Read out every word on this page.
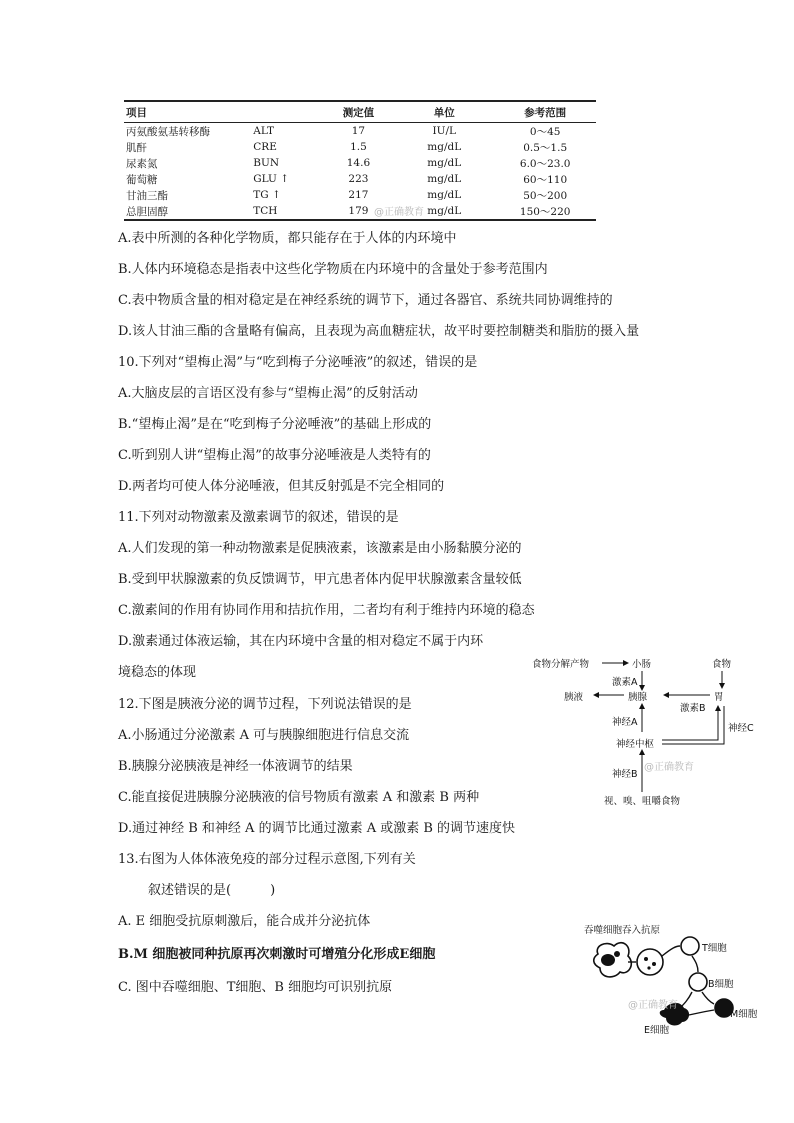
项目		测定值	单位	参考范围
丙氨酸氨基转移酶	ALT	17	IU/L	0～45
肌酐	CRE	1.5	mg/dL	0.5～1.5
尿素氮	BUN	14.6	mg/dL	6.0～23.0
葡萄糖	GLU ↑	223	mg/dL	60～110
甘油三酯	TG ↑	217	mg/dL	50～200
总胆固醇	TCH	179	mg/dL	150～220
@正确教育
A.表中所测的各种化学物质，都只能存在于人体的内环境中
B.人体内环境稳态是指表中这些化学物质在内环境中的含量处于参考范围内
C.表中物质含量的相对稳定是在神经系统的调节下，通过各器官、系统共同协调维持的
D.该人甘油三酯的含量略有偏高，且表现为高血糖症状，故平时要控制糖类和脂肪的摄入量
10.下列对“望梅止渴”与“吃到梅子分泌唾液”的叙述，错误的是
A.大脑皮层的言语区没有参与“望梅止渴”的反射活动
B.“望梅止渴”是在“吃到梅子分泌唾液”的基础上形成的
C.听到别人讲“望梅止渴”的故事分泌唾液是人类特有的
D.两者均可使人体分泌唾液，但其反射弧是不完全相同的
11.下列对动物激素及激素调节的叙述，错误的是
A.人们发现的第一种动物激素是促胰液素，该激素是由小肠黏膜分泌的
B.受到甲状腺激素的负反馈调节，甲亢患者体内促甲状腺激素含量较低
C.激素间的作用有协同作用和拮抗作用，二者均有利于维持内环境的稳态
D.激素通过体液运输，其在内环境中含量的相对稳定不属于内环
境稳态的体现
12.下图是胰液分泌的调节过程，下列说法错误的是
A.小肠通过分泌激素 A 可与胰腺细胞进行信息交流
B.胰腺分泌胰液是神经一体液调节的结果
C.能直接促进胰腺分泌胰液的信号物质有激素 A 和激素 B 两种
D.通过神经 B 和神经 A 的调节比通过激素 A 或激素 B 的调节速度快
13.右图为人体体液免疫的部分过程示意图,下列有关
叙述错误的是(　　　)
A. E 细胞受抗原刺激后，能合成并分泌抗体
B.M 细胞被同种抗原再次刺激时可增殖分化形成E细胞
C. 图中吞噬细胞、T细胞、B 细胞均可识别抗原
食物分解产物	小肠	食物
激素A
胰液	胰腺	胃
激素B
神经A
神经C
神经中枢
神经B
视、嗅、咀嚼食物
@正确教育
吞噬细胞吞入抗原
T细胞
B细胞
M细胞
E细胞
@正确教育
